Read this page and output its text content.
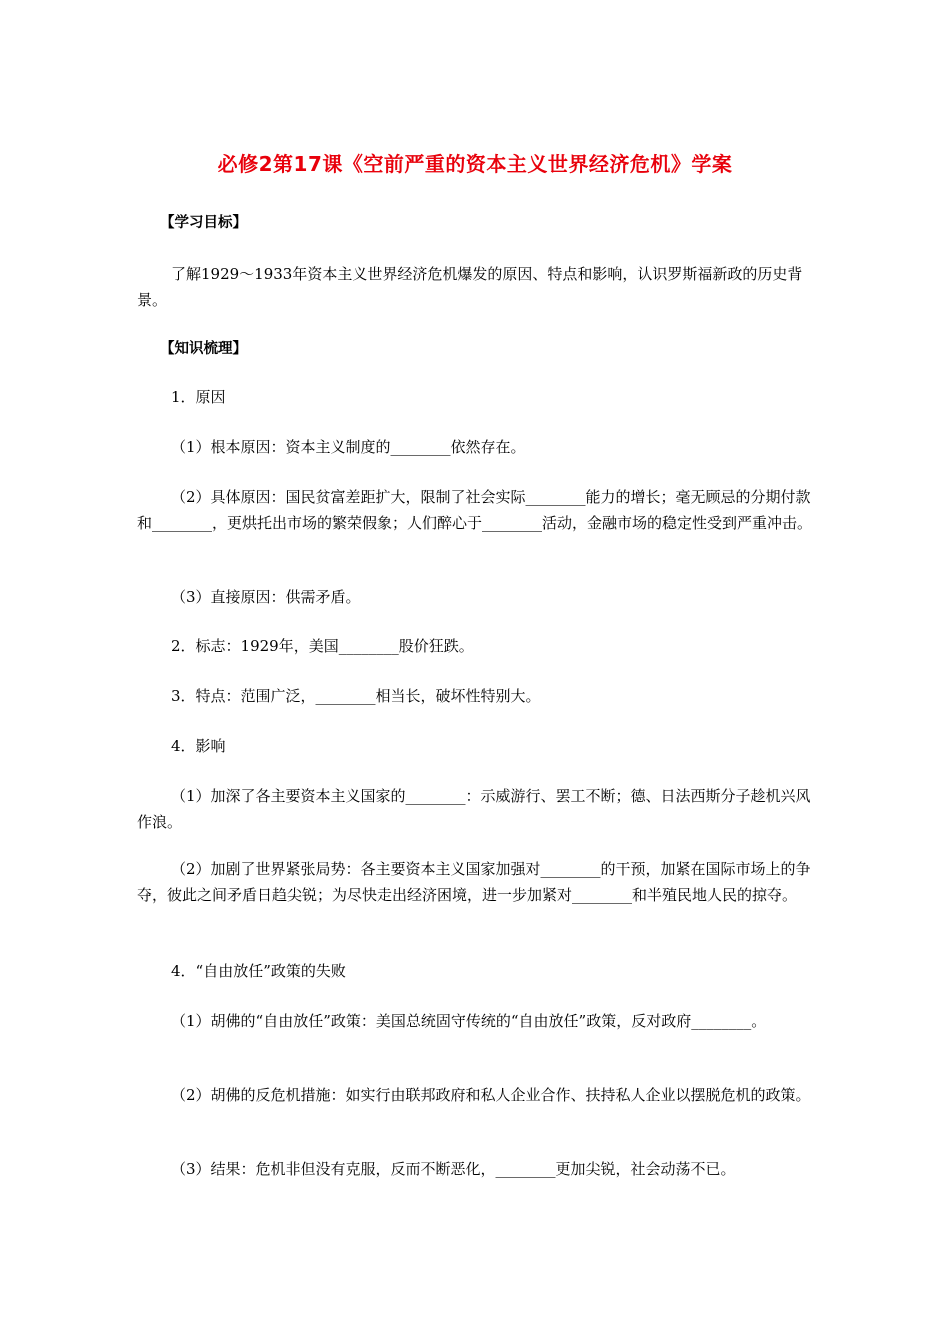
必修2第17课《空前严重的资本主义世界经济危机》学案
【学习目标】
了解1929～1933年资本主义世界经济危机爆发的原因、特点和影响，认识罗斯福新政的历史背景。
【知识梳理】
1．原因
（1）根本原因：资本主义制度的________依然存在。
（2）具体原因：国民贫富差距扩大，限制了社会实际________能力的增长；毫无顾忌的分期付款和________，更烘托出市场的繁荣假象；人们醉心于________活动，金融市场的稳定性受到严重冲击。
（3）直接原因：供需矛盾。
2．标志：1929年，美国________股价狂跌。
3．特点：范围广泛，________相当长，破坏性特别大。
4．影响
（1）加深了各主要资本主义国家的________：示威游行、罢工不断；德、日法西斯分子趁机兴风作浪。
（2）加剧了世界紧张局势：各主要资本主义国家加强对________的干预，加紧在国际市场上的争夺，彼此之间矛盾日趋尖锐；为尽快走出经济困境，进一步加紧对________和半殖民地人民的掠夺。
4．“自由放任”政策的失败
（1）胡佛的“自由放任”政策：美国总统固守传统的“自由放任”政策，反对政府________。
（2）胡佛的反危机措施：如实行由联邦政府和私人企业合作、扶持私人企业以摆脱危机的政策。
（3）结果：危机非但没有克服，反而不断恶化，________更加尖锐，社会动荡不已。
